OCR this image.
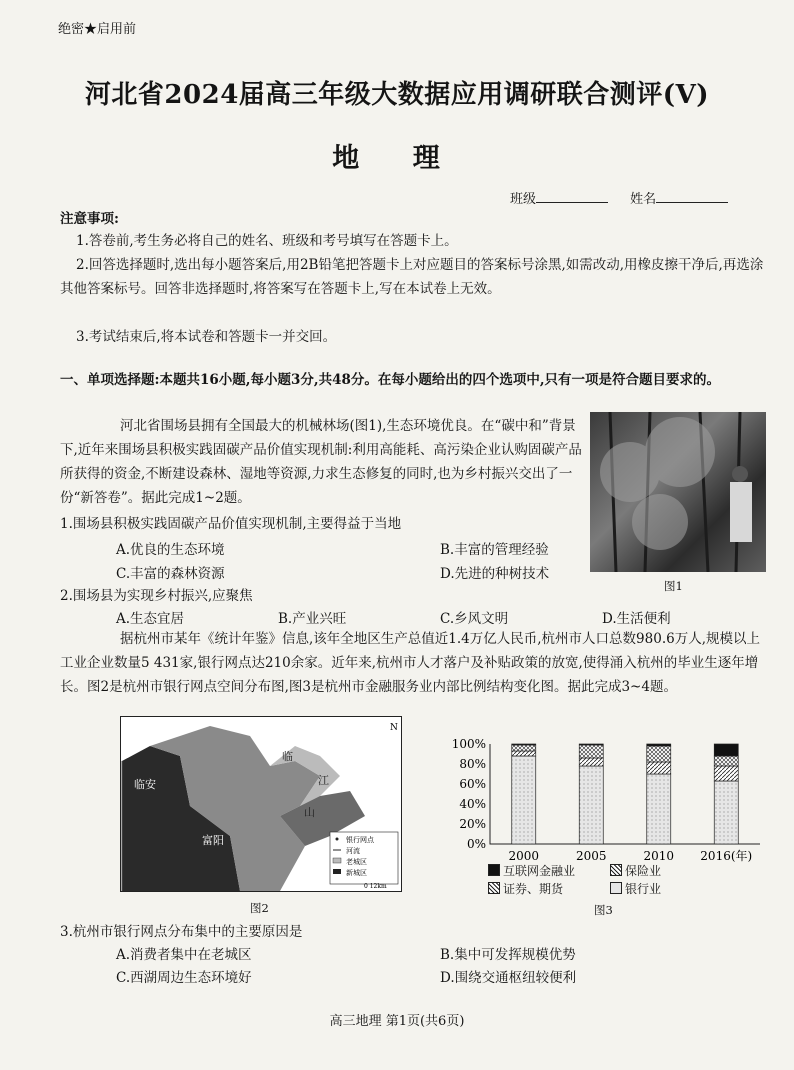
绝密★启用前
河北省2024届高三年级大数据应用调研联合测评(Ⅴ)
地 理
班级	姓名
注意事项:
1.答卷前,考生务必将自己的姓名、班级和考号填写在答题卡上。
2.回答选择题时,选出每小题答案后,用2B铅笔把答题卡上对应题目的答案标号涂黑,如需改动,用橡皮擦干净后,再选涂其他答案标号。回答非选择题时,将答案写在答题卡上,写在本试卷上无效。
3.考试结束后,将本试卷和答题卡一并交回。
一、单项选择题:本题共16小题,每小题3分,共48分。在每小题给出的四个选项中,只有一项是符合题目要求的。
河北省围场县拥有全国最大的机械林场(图1),生态环境优良。在“碳中和”背景下,近年来围场县积极实践固碳产品价值实现机制:利用高能耗、高污染企业认购固碳产品所获得的资金,不断建设森林、湿地等资源,力求生态修复的同时,也为乡村振兴交出了一份“新答卷”。据此完成1~2题。
1.围场县积极实践固碳产品价值实现机制,主要得益于当地
A.优良的生态环境	B.丰富的管理经验
C.丰富的森林资源	D.先进的种树技术
图1
2.围场县为实现乡村振兴,应聚焦
A.生态宜居	B.产业兴旺	C.乡风文明	D.生活便利
据杭州市某年《统计年鉴》信息,该年全地区生产总值近1.4万亿人民币,杭州市人口总数980.6万人,规模以上工业企业数量5 431家,银行网点达210余家。近年来,杭州市人才落户及补贴政策的放宽,使得涌入杭州的毕业生逐年增长。图2是杭州市银行网点空间分布图,图3是杭州市金融服务业内部比例结构变化图。据此完成3~4题。
临安
富阳
临
江
山
N
银行网点
河流
老城区
新城区
0 12km
图2
100%
80%
60%
40%
20%
0%
2000	2005	2010 2016(年)
互联网金融业	保险业
证券、期货	银行业
图3
3.杭州市银行网点分布集中的主要原因是
A.消费者集中在老城区	B.集中可发挥规模优势
C.西湖周边生态环境好	D.围绕交通枢纽较便利
高三地理 第1页(共6页)
